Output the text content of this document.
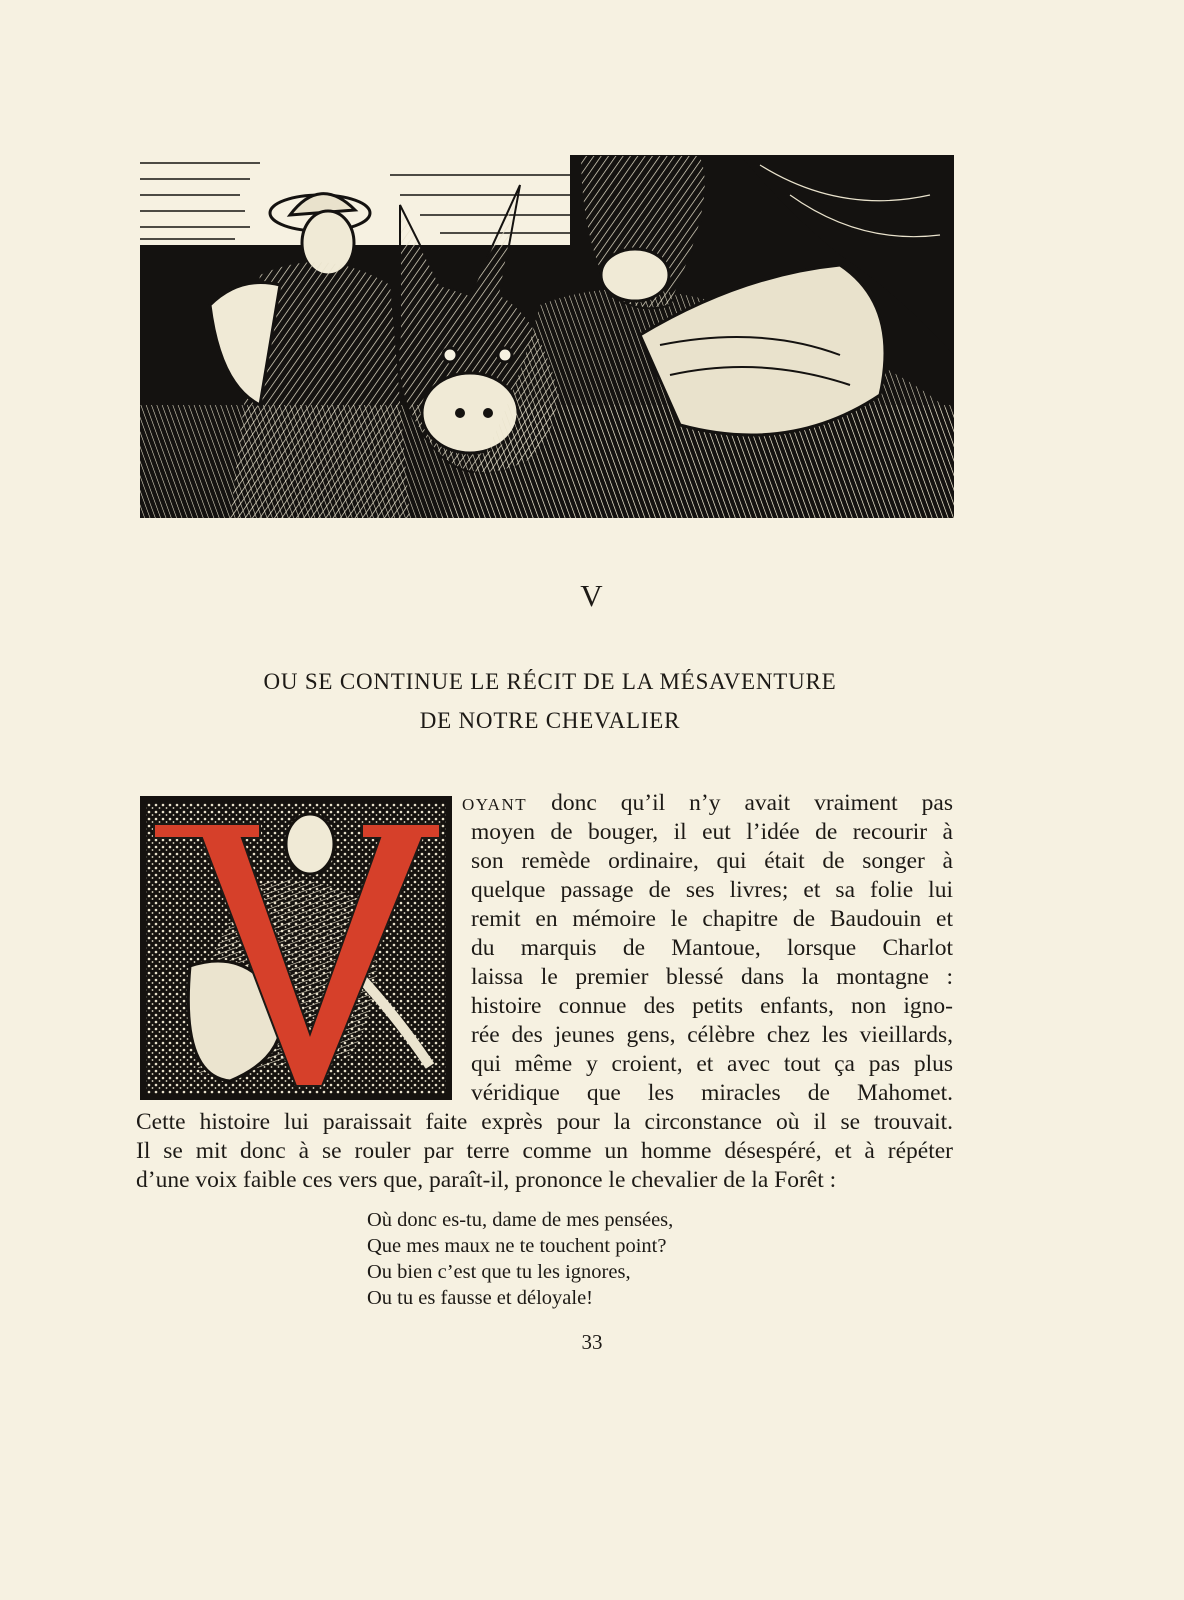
V
OU SE CONTINUE LE RÉCIT DE LA MÉSAVENTURE
DE NOTRE CHEVALIER
OYANT donc qu’il n’y avait vraiment pas
moyen de bouger, il eut l’idée de recourir à
son remède ordinaire, qui était de songer à
quelque passage de ses livres; et sa folie lui
remit en mémoire le chapitre de Baudouin et
du marquis de Mantoue, lorsque Charlot
laissa le premier blessé dans la montagne :
histoire connue des petits enfants, non igno-
rée des jeunes gens, célèbre chez les vieillards,
qui même y croient, et avec tout ça pas plus
véridique que les miracles de Mahomet.
Cette histoire lui paraissait faite exprès pour la circonstance où il se trouvait.
Il se mit donc à se rouler par terre comme un homme désespéré, et à répéter
d’une voix faible ces vers que, paraît-il, prononce le chevalier de la Forêt :
Où donc es-tu, dame de mes pensées,
Que mes maux ne te touchent point?
Ou bien c’est que tu les ignores,
Ou tu es fausse et déloyale!
33
